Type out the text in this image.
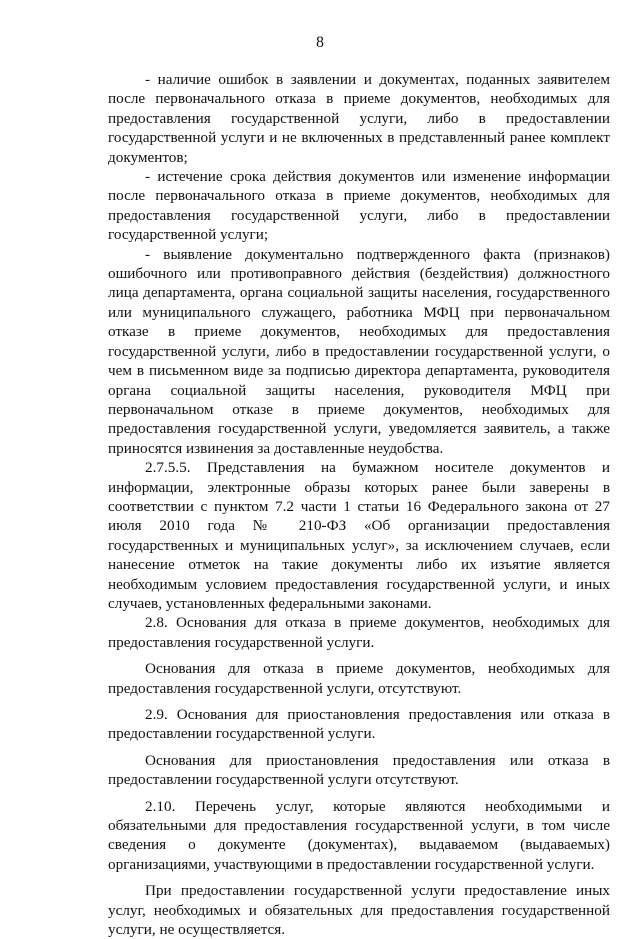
8

- наличие ошибок в заявлении и документах, поданных заявителем после первоначального отказа в приеме документов, необходимых для предоставления государственной услуги, либо в предоставлении государственной услуги и не включенных в представленный ранее комплект документов;

- истечение срока действия документов или изменение информации после первоначального отказа в приеме документов, необходимых для предоставления государственной услуги, либо в предоставлении государственной услуги;

- выявление документально подтвержденного факта (признаков) ошибочного или противоправного действия (бездействия) должностного лица департамента, органа социальной защиты населения, государственного или муниципального служащего, работника МФЦ при первоначальном отказе в приеме документов, необходимых для предоставления государственной услуги, либо в предоставлении государственной услуги, о чем в письменном виде за подписью директора департамента, руководителя органа социальной защиты населения, руководителя МФЦ при первоначальном отказе в приеме документов, необходимых для предоставления государственной услуги, уведомляется заявитель, а также приносятся извинения за доставленные неудобства.

2.7.5.5. Представления на бумажном носителе документов и информации, электронные образы которых ранее были заверены в соответствии с пунктом 7.2 части 1 статьи 16 Федерального закона от 27 июля 2010 года № 210-ФЗ «Об организации предоставления государственных и муниципальных услуг», за исключением случаев, если нанесение отметок на такие документы либо их изъятие является необходимым условием предоставления государственной услуги, и иных случаев, установленных федеральными законами.

2.8. Основания для отказа в приеме документов, необходимых для предоставления государственной услуги.

Основания для отказа в приеме документов, необходимых для предоставления государственной услуги, отсутствуют.

2.9. Основания для приостановления предоставления или отказа в предоставлении государственной услуги.

Основания для приостановления предоставления или отказа в предоставлении государственной услуги отсутствуют.

2.10. Перечень услуг, которые являются необходимыми и обязательными для предоставления государственной услуги, в том числе сведения о документе (документах), выдаваемом (выдаваемых) организациями, участвующими в предоставлении государственной услуги.

При предоставлении государственной услуги предоставление иных услуг, необходимых и обязательных для предоставления государственной услуги, не осуществляется.
